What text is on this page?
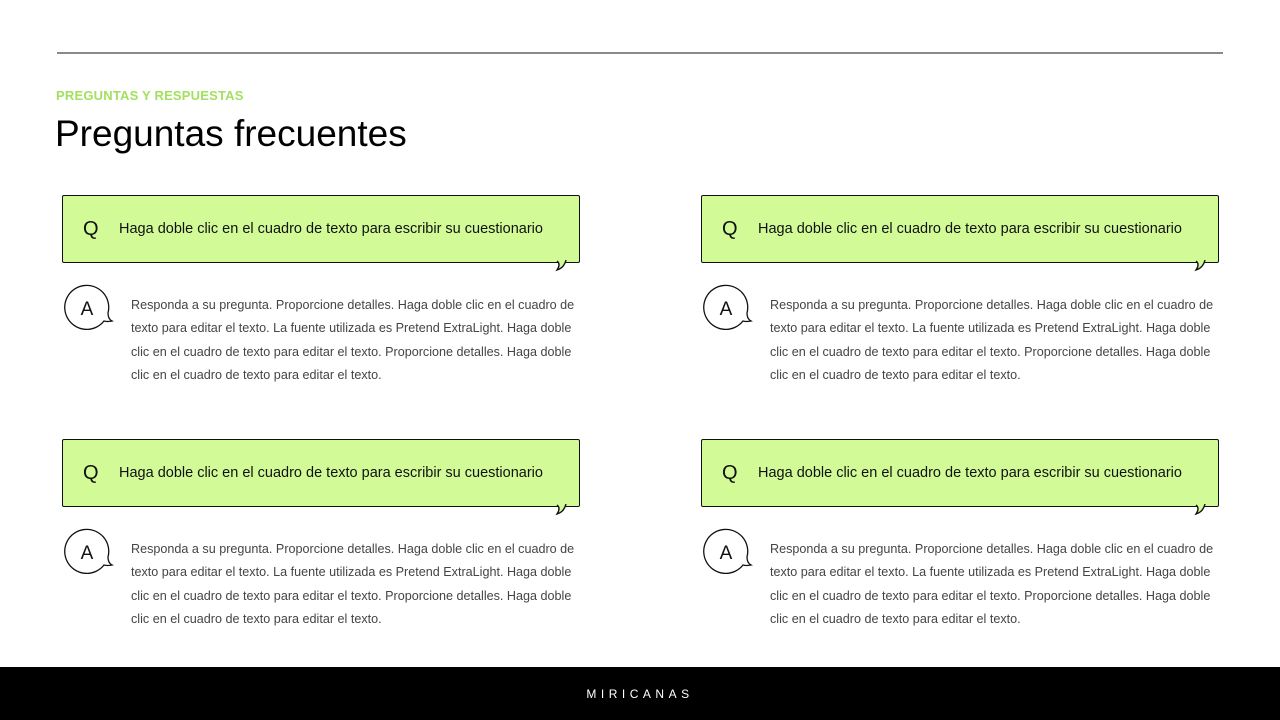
PREGUNTAS Y RESPUESTAS
Preguntas frecuentes
Q	Haga doble clic en el cuadro de texto para escribir su cuestionario
A	Responda a su pregunta. Proporcione detalles. Haga doble clic en el cuadro de texto para editar el texto. La fuente utilizada es Pretend ExtraLight. Haga doble clic en el cuadro de texto para editar el texto. Proporcione detalles. Haga doble clic en el cuadro de texto para editar el texto.
Q	Haga doble clic en el cuadro de texto para escribir su cuestionario
A	Responda a su pregunta. Proporcione detalles. Haga doble clic en el cuadro de texto para editar el texto. La fuente utilizada es Pretend ExtraLight. Haga doble clic en el cuadro de texto para editar el texto. Proporcione detalles. Haga doble clic en el cuadro de texto para editar el texto.
Q	Haga doble clic en el cuadro de texto para escribir su cuestionario
A	Responda a su pregunta. Proporcione detalles. Haga doble clic en el cuadro de texto para editar el texto. La fuente utilizada es Pretend ExtraLight. Haga doble clic en el cuadro de texto para editar el texto. Proporcione detalles. Haga doble clic en el cuadro de texto para editar el texto.
Q	Haga doble clic en el cuadro de texto para escribir su cuestionario
A	Responda a su pregunta. Proporcione detalles. Haga doble clic en el cuadro de texto para editar el texto. La fuente utilizada es Pretend ExtraLight. Haga doble clic en el cuadro de texto para editar el texto. Proporcione detalles. Haga doble clic en el cuadro de texto para editar el texto.
MIRICANAS
